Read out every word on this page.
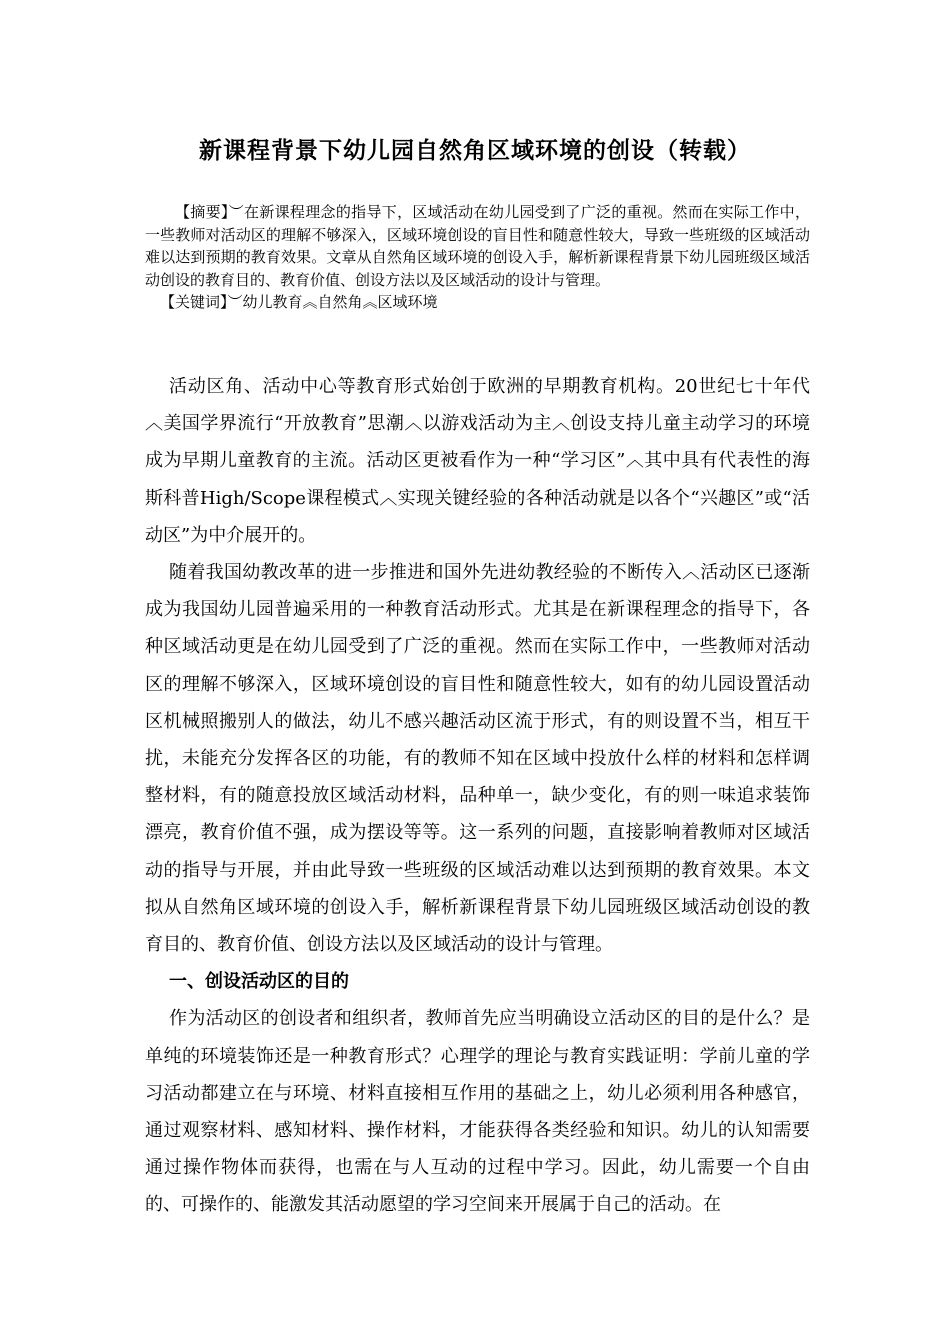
新课程背景下幼儿园自然角区域环境的创设（转载）

【摘要】︶在新课程理念的指导下，区域活动在幼儿园受到了广泛的重视。然而在实际工作中，一些教师对活动区的理解不够深入，区域环境创设的盲目性和随意性较大，导致一些班级的区域活动难以达到预期的教育效果。文章从自然角区域环境的创设入手，解析新课程背景下幼儿园班级区域活动创设的教育目的、教育价值、创设方法以及区域活动的设计与管理。

【关键词】︶幼儿教育︽自然角︽区域环境

活动区角、活动中心等教育形式始创于欧洲的早期教育机构。20世纪七十年代︿美国学界流行“开放教育”思潮︿以游戏活动为主︿创设支持儿童主动学习的环境成为早期儿童教育的主流。活动区更被看作为一种“学习区”︿其中具有代表性的海斯科普High/Scope课程模式︿实现关键经验的各种活动就是以各个“兴趣区”或“活动区”为中介展开的。

随着我国幼教改革的进一步推进和国外先进幼教经验的不断传入︿活动区已逐渐成为我国幼儿园普遍采用的一种教育活动形式。尤其是在新课程理念的指导下，各种区域活动更是在幼儿园受到了广泛的重视。然而在实际工作中，一些教师对活动区的理解不够深入，区域环境创设的盲目性和随意性较大，如有的幼儿园设置活动区机械照搬别人的做法，幼儿不感兴趣活动区流于形式，有的则设置不当，相互干扰，未能充分发挥各区的功能，有的教师不知在区域中投放什么样的材料和怎样调整材料，有的随意投放区域活动材料，品种单一，缺少变化，有的则一味追求装饰漂亮，教育价值不强，成为摆设等等。这一系列的问题，直接影响着教师对区域活动的指导与开展，并由此导致一些班级的区域活动难以达到预期的教育效果。本文拟从自然角区域环境的创设入手，解析新课程背景下幼儿园班级区域活动创设的教育目的、教育价值、创设方法以及区域活动的设计与管理。

一、创设活动区的目的

作为活动区的创设者和组织者，教师首先应当明确设立活动区的目的是什么？是单纯的环境装饰还是一种教育形式？心理学的理论与教育实践证明：学前儿童的学习活动都建立在与环境、材料直接相互作用的基础之上，幼儿必须利用各种感官，通过观察材料、感知材料、操作材料，才能获得各类经验和知识。幼儿的认知需要通过操作物体而获得，也需在与人互动的过程中学习。因此，幼儿需要一个自由的、可操作的、能激发其活动愿望的学习空间来开展属于自己的活动。在
